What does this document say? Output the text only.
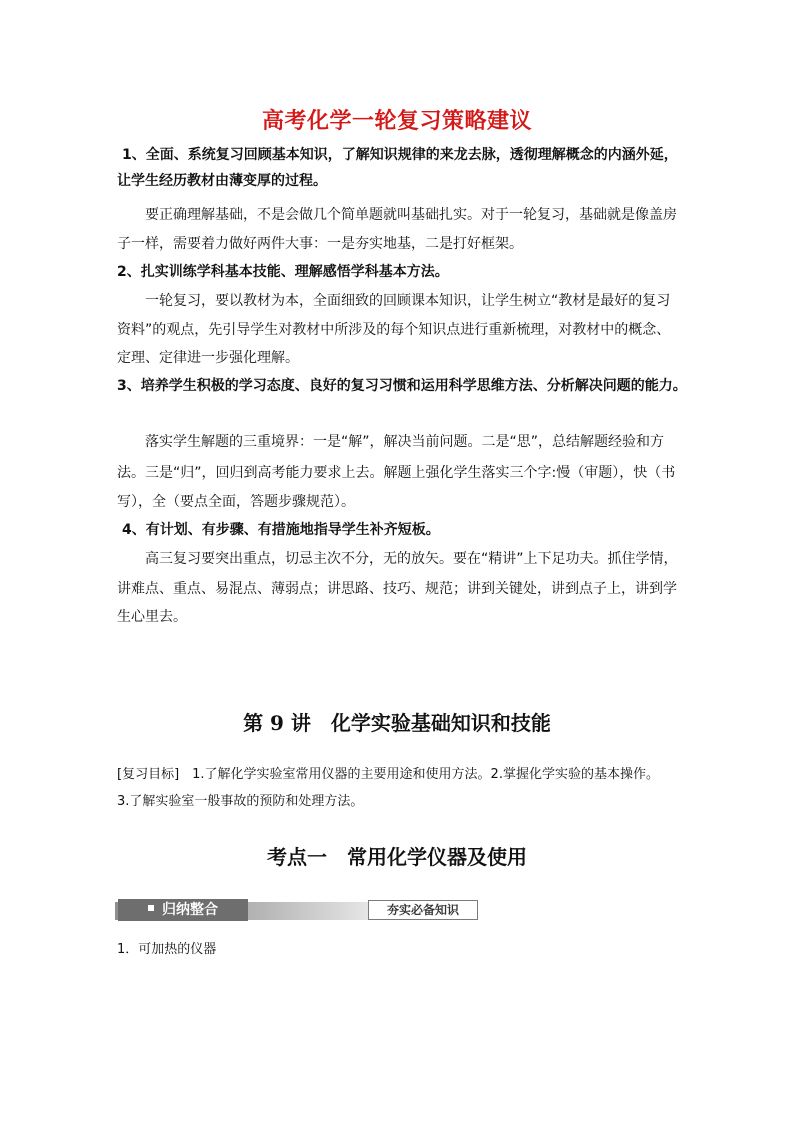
高考化学一轮复习策略建议
1、全面、系统复习回顾基本知识，了解知识规律的来龙去脉，透彻理解概念的内涵外延，
让学生经历教材由薄变厚的过程。
要正确理解基础，不是会做几个简单题就叫基础扎实。对于一轮复习，基础就是像盖房
子一样，需要着力做好两件大事：一是夯实地基，二是打好框架。
2、扎实训练学科基本技能、理解感悟学科基本方法。
一轮复习，要以教材为本，全面细致的回顾课本知识，让学生树立“教材是最好的复习
资料”的观点，先引导学生对教材中所涉及的每个知识点进行重新梳理，对教材中的概念、
定理、定律进一步强化理解。
3、培养学生积极的学习态度、良好的复习习惯和运用科学思维方法、分析解决问题的能力。
落实学生解题的三重境界：一是“解”，解决当前问题。二是“思”，总结解题经验和方
法。三是“归”，回归到高考能力要求上去。解题上强化学生落实三个字:慢（审题），快（书
写），全（要点全面，答题步骤规范）。
4、有计划、有步骤、有措施地指导学生补齐短板。
高三复习要突出重点，切忌主次不分，无的放矢。要在“精讲”上下足功夫。抓住学情，
讲难点、重点、易混点、薄弱点；讲思路、技巧、规范；讲到关键处，讲到点子上，讲到学
生心里去。
第 9 讲　化学实验基础知识和技能
[复习目标]　1.了解化学实验室常用仪器的主要用途和使用方法。2.掌握化学实验的基本操作。
3.了解实验室一般事故的预防和处理方法。
考点一　常用化学仪器及使用
归纳整合	夯实必备知识
1．可加热的仪器
